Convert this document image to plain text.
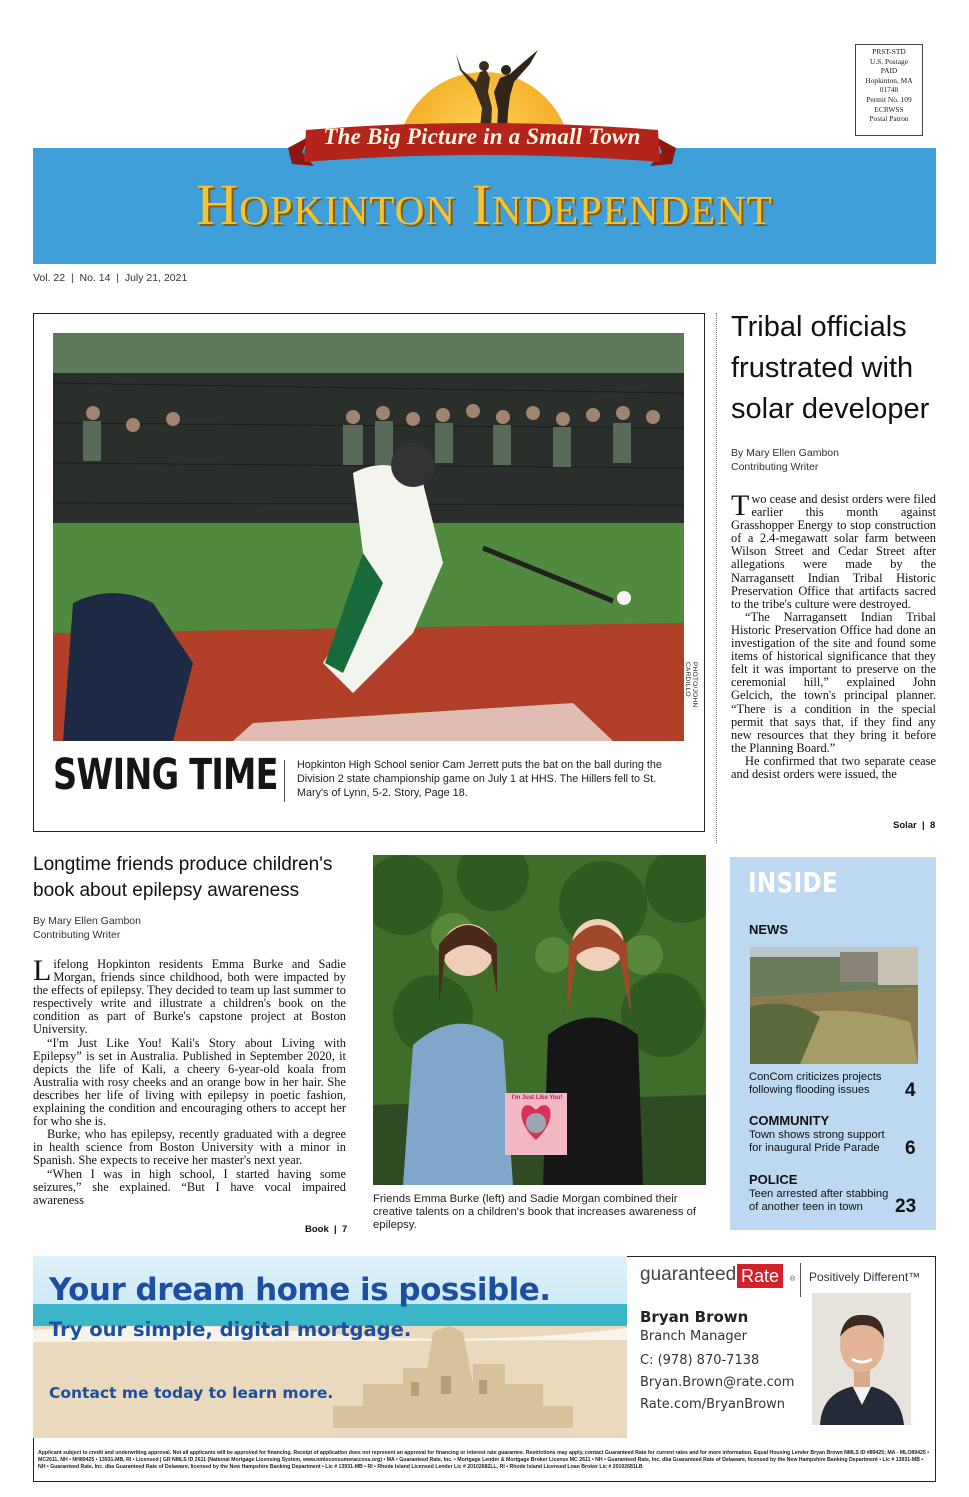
PRST-STD
U.S. Postage
PAID
Hopkinton, MA
01748
Permit No. 109
ECRWSS
Postal Patron
The Big Picture in a Small Town
Hopkinton Independent
Vol. 22  |  No. 14  |  July 21, 2021
PHOTO/JOHN CARDILLO
SWING TIME Hopkinton High School senior Cam Jerrett puts the bat on the ball during the Division 2 state championship game on July 1 at HHS. The Hillers fell to St. Mary's of Lynn, 5-2. Story, Page 18.
Tribal officials frustrated with solar developer
By Mary Ellen Gambon
Contributing Writer

Two cease and desist orders were filed earlier this month against Grasshopper Energy to stop construction of a 2.4-megawatt solar farm between Wilson Street and Cedar Street after allegations were made by the Narragansett Indian Tribal Historic Preservation Office that artifacts sacred to the tribe's culture were destroyed.

“The Narragansett Indian Tribal Historic Preservation Office had done an investigation of the site and found some items of historical significance that they felt it was important to preserve on the ceremonial hill,” explained John Gelcich, the town's principal planner. “There is a condition in the special permit that says that, if they find any new resources that they bring it before the Planning Board.”

He confirmed that two separate cease and desist orders were issued, the

Solar  |  8
Longtime friends produce children's book about epilepsy awareness
By Mary Ellen Gambon
Contributing Writer

Lifelong Hopkinton residents Emma Burke and Sadie Morgan, friends since childhood, both were impacted by the effects of epilepsy. They decided to team up last summer to respectively write and illustrate a children's book on the condition as part of Burke's capstone project at Boston University.

“I'm Just Like You! Kali's Story about Living with Epilepsy” is set in Australia. Published in September 2020, it depicts the life of Kali, a cheery 6-year-old koala from Australia with rosy cheeks and an orange bow in her hair. She describes her life of living with epilepsy in poetic fashion, explaining the condition and encouraging others to accept her for who she is.

Burke, who has epilepsy, recently graduated with a degree in health science from Boston University with a minor in Spanish. She expects to receive her master's next year.

“When I was in high school, I started having some seizures,” she explained. “But I have vocal impaired awareness

Book  |  7
I'm Just Like You!
Friends Emma Burke (left) and Sadie Morgan combined their creative talents on a children's book that increases awareness of epilepsy.
INSIDE
NEWS
ConCom criticizes projects following flooding issues	4
COMMUNITY
Town shows strong support for inaugural Pride Parade	6
POLICE
Teen arrested after stabbing of another teen in town	23
Your dream home is possible.
Try our simple, digital mortgage.
Contact me today to learn more.
guaranteed Rate	® Positively Different™
Bryan Brown
Branch Manager
C: (978) 870-7138
Bryan.Brown@rate.com
Rate.com/BryanBrown
Applicant subject to credit and underwriting approval. Not all applicants will be approved for financing. Receipt of application does not represent an approval for financing or interest rate guarantee. Restrictions may apply, contact Guaranteed Rate for current rates and for more information. Equal Housing Lender Bryan Brown NMLS ID #89425; MA - MLO89425 • MC2611, NH • NH89425 • 13931-MB, RI • Licensed | GR NMLS ID 2611 (National Mortgage Licensing System, www.nmlsconsumeraccess.org) • MA • Guaranteed Rate, Inc. • Mortgage Lender & Mortgage Broker License MC 2611 • NH • Guaranteed Rate, Inc. dba Guaranteed Rate of Delaware, licensed by the New Hampshire Banking Department • Lic # 13931-MB • NH • Guaranteed Rate, Inc. dba Guaranteed Rate of Delaware, licensed by the New Hampshire Banking Department • Lic # 13931-MB • RI • Rhode Island Licensed Lender Lic # 20102682LL, RI • Rhode Island Licensed Loan Broker Lic # 20102681LB
